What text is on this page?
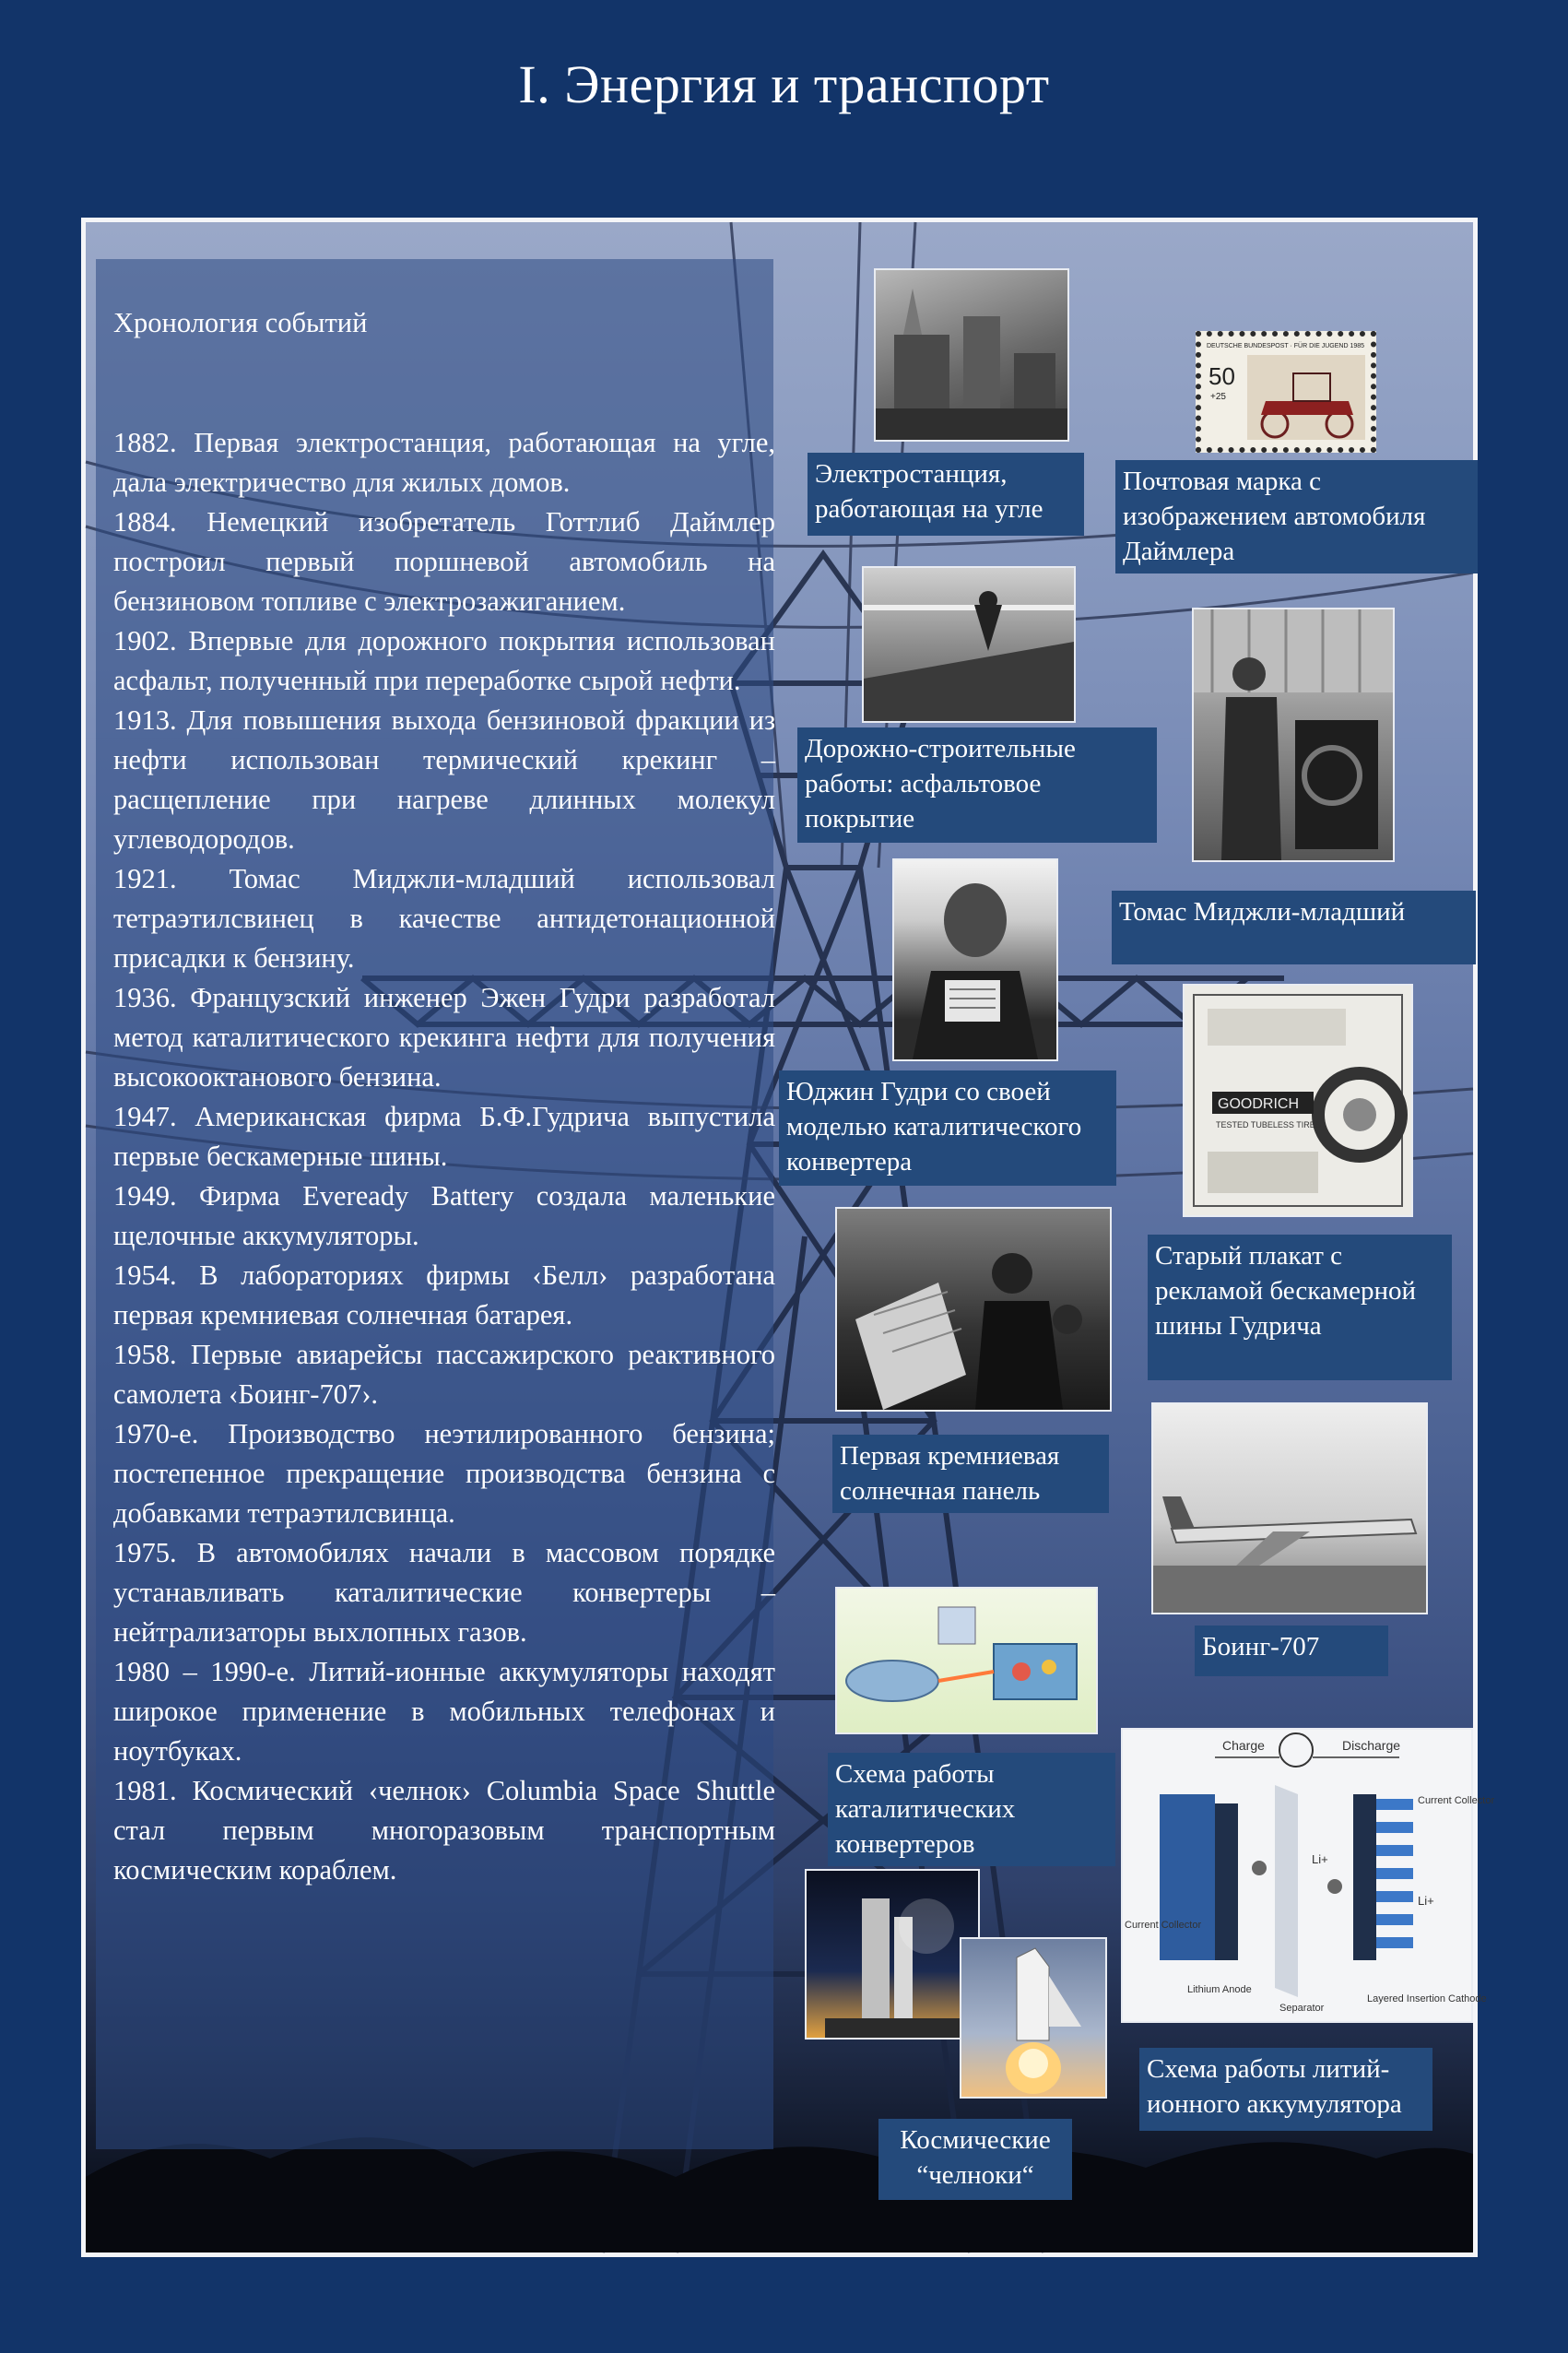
I. Энергия и транспорт
Хронология событий
1882. Первая электростанция, работающая на угле, дала электричество для жилых домов.
1884. Немецкий изобретатель Готтлиб Даймлер построил первый поршневой автомобиль на бензиновом топливе с электрозажиганием.
1902. Впервые для дорожного покрытия использован асфальт, полученный при переработке сырой нефти.
1913. Для повышения выхода бензиновой фракции из нефти использован термический крекинг – расщепление при нагреве длинных молекул углеводородов.
1921. Томас Миджли-младший использовал тетраэтилсвинец в качестве антидетонационной присадки к бензину.
1936. Французский инженер Эжен Гудри разработал метод каталитического крекинга нефти для получения высокооктанового бензина.
1947. Американская фирма Б.Ф.Гудрича выпустила первые бескамерные шины.
1949. Фирма Eveready Battery создала маленькие щелочные аккумуляторы.
1954. В лабораториях фирмы ‹Белл› разработана первая кремниевая солнечная батарея.
1958. Первые авиарейсы пассажирского реактивного самолета ‹Боинг-707›.
1970-е. Производство неэтилированного бензина; постепенное прекращение производства бензина с добавками тетраэтилсвинца.
1975. В автомобилях начали в массовом порядке устанавливать каталитические конвертеры – нейтрализаторы выхлопных газов.
1980 – 1990-е. Литий-ионные аккумуляторы находят широкое применение в мобильных телефонах и ноутбуках.
1981. Космический ‹челнок› Columbia Space Shuttle стал первым многоразовым транспортным космическим кораблем.
Электростанция, работающая на угле
DEUTSCHE BUNDESPOST · FÜR DIE JUGEND 1985
50
+25
Почтовая марка с изображением автомобиля Даймлера
Дорожно-строительные работы: асфальтовое покрытие
Томас Миджли-младший
Юджин Гудри со своей моделью каталитического конвертера
GOODRICH
TESTED TUBELESS TIRES
Старый плакат с рекламой бескамерной шины Гудрича
Первая кремниевая солнечная панель
Боинг-707
Схема работы каталитических конвертеров
Charge	Discharge
Current Collector
Current Collector
Li+
Li+
Lithium Anode
Separator
Layered Insertion Cathode
Схема работы литий-ионного аккумулятора
Космические “челноки“
